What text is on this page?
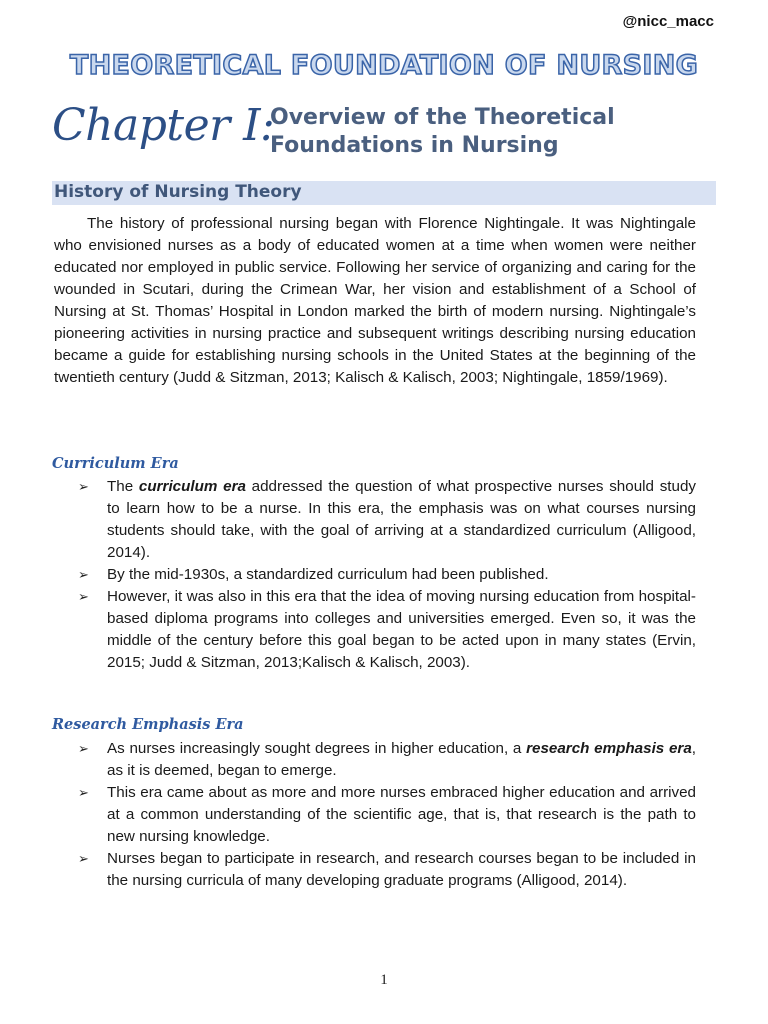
@nicc_macc
THEORETICAL FOUNDATION OF NURSING
Chapter I:
Overview of the Theoretical
Foundations in Nursing
History of Nursing Theory
The history of professional nursing began with Florence Nightingale. It was Nightingale who envisioned nurses as a body of educated women at a time when women were neither educated nor employed in public service. Following her service of organizing and caring for the wounded in Scutari, during the Crimean War, her vision and establishment of a School of Nursing at St. Thomas’ Hospital in London marked the birth of modern nursing. Nightingale’s pioneering activities in nursing practice and subsequent writings describing nursing education became a guide for establishing nursing schools in the United States at the beginning of the twentieth century (Judd & Sitzman, 2013; Kalisch & Kalisch, 2003; Nightingale, 1859/1969).
Curriculum Era
➢ The curriculum era addressed the question of what prospective nurses should study to learn how to be a nurse. In this era, the emphasis was on what courses nursing students should take, with the goal of arriving at a standardized curriculum (Alligood, 2014).
➢ By the mid-1930s, a standardized curriculum had been published.
➢ However, it was also in this era that the idea of moving nursing education from hospital-based diploma programs into colleges and universities emerged. Even so, it was the middle of the century before this goal began to be acted upon in many states (Ervin, 2015; Judd & Sitzman, 2013;Kalisch & Kalisch, 2003).
Research Emphasis Era
➢ As nurses increasingly sought degrees in higher education, a research emphasis era, as it is deemed, began to emerge.
➢ This era came about as more and more nurses embraced higher education and arrived at a common understanding of the scientific age, that is, that research is the path to new nursing knowledge.
➢ Nurses began to participate in research, and research courses began to be included in the nursing curricula of many developing graduate programs (Alligood, 2014).
1
